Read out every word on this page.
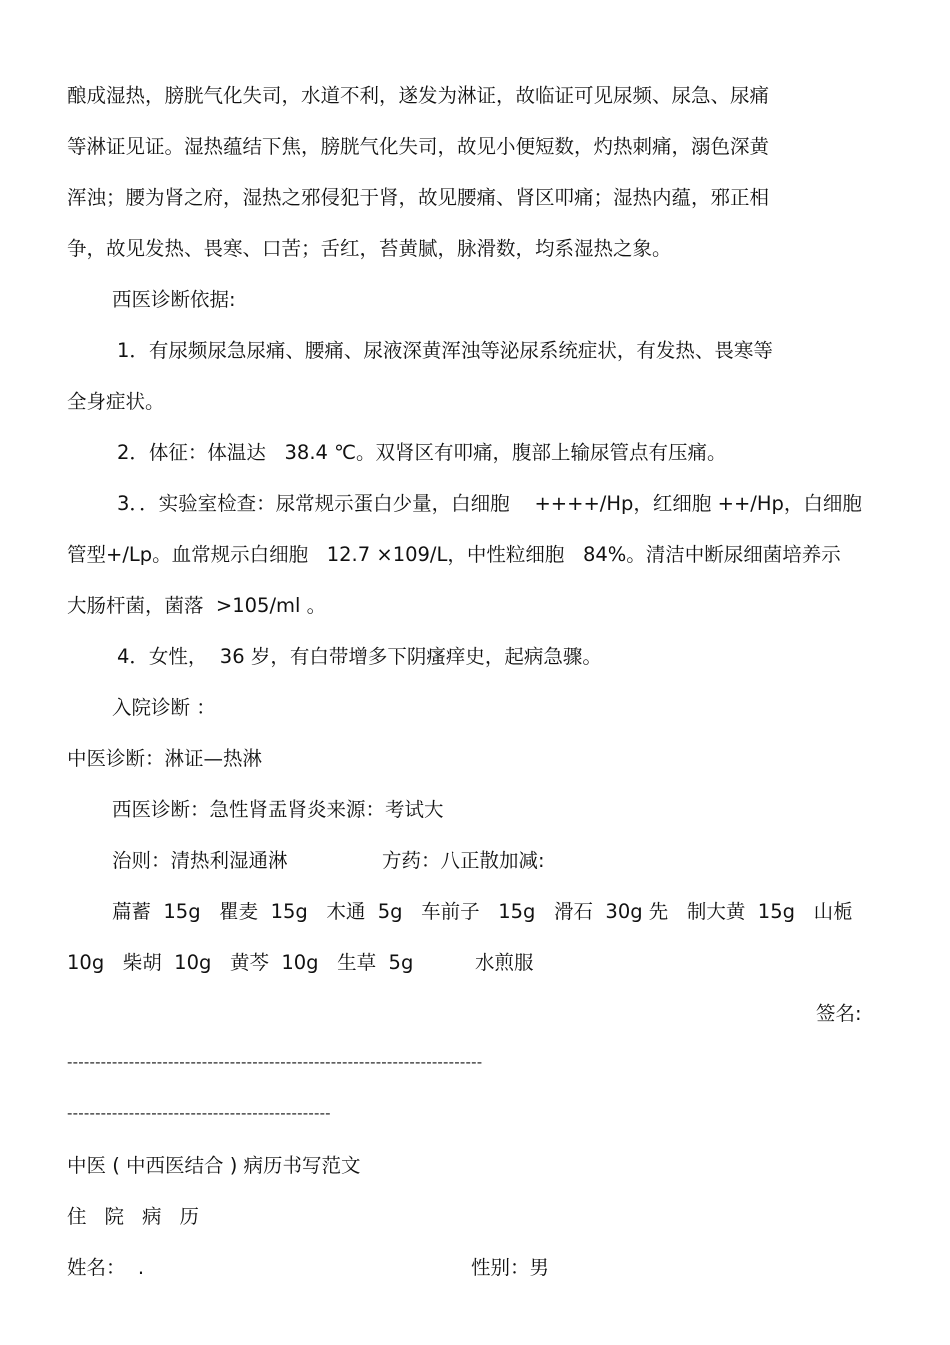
酿成湿热，膀胱气化失司，水道不利，遂发为淋证，故临证可见尿频、尿急、尿痛

等淋证见证。湿热蕴结下焦，膀胱气化失司，故见小便短数，灼热刺痛，溺色深黄

浑浊；腰为肾之府，湿热之邪侵犯于肾，故见腰痛、肾区叩痛；湿热内蕴，邪正相

争，故见发热、畏寒、口苦；舌红，苔黄腻，脉滑数，均系湿热之象。

西医诊断依据:

1．有尿频尿急尿痛、腰痛、尿液深黄浑浊等泌尿系统症状，有发热、畏寒等

全身症状。

2．体征：体温达   38.4 ℃。双肾区有叩痛，腹部上输尿管点有压痛。

3．．实验室检查：尿常规示蛋白少量，白细胞    ++++/Hp，红细胞 ++/Hp，白细胞

管型+/Lp。血常规示白细胞   12.7 ×109/L，中性粒细胞   84%。清洁中断尿细菌培养示

大肠杆菌，菌落  >105/ml 。

4．女性，  36 岁，有白带增多下阴瘙痒史，起病急骤。

入院诊断 ：

中医诊断：淋证—热淋

西医诊断：急性肾盂肾炎来源：考试大

治则：清热利湿通淋	方药：八正散加减:

萹蓄  15g   瞿麦  15g   木通  5g   车前子   15g   滑石  30g 先   制大黄  15g   山栀

10g   柴胡  10g   黄芩  10g   生草  5g	水煎服

签名:

--------------------------------------------------------------------------
-----------------------------------------------

中医 ( 中西医结合 ) 病历书写范文

住院病历

姓名：  .	性别：男
